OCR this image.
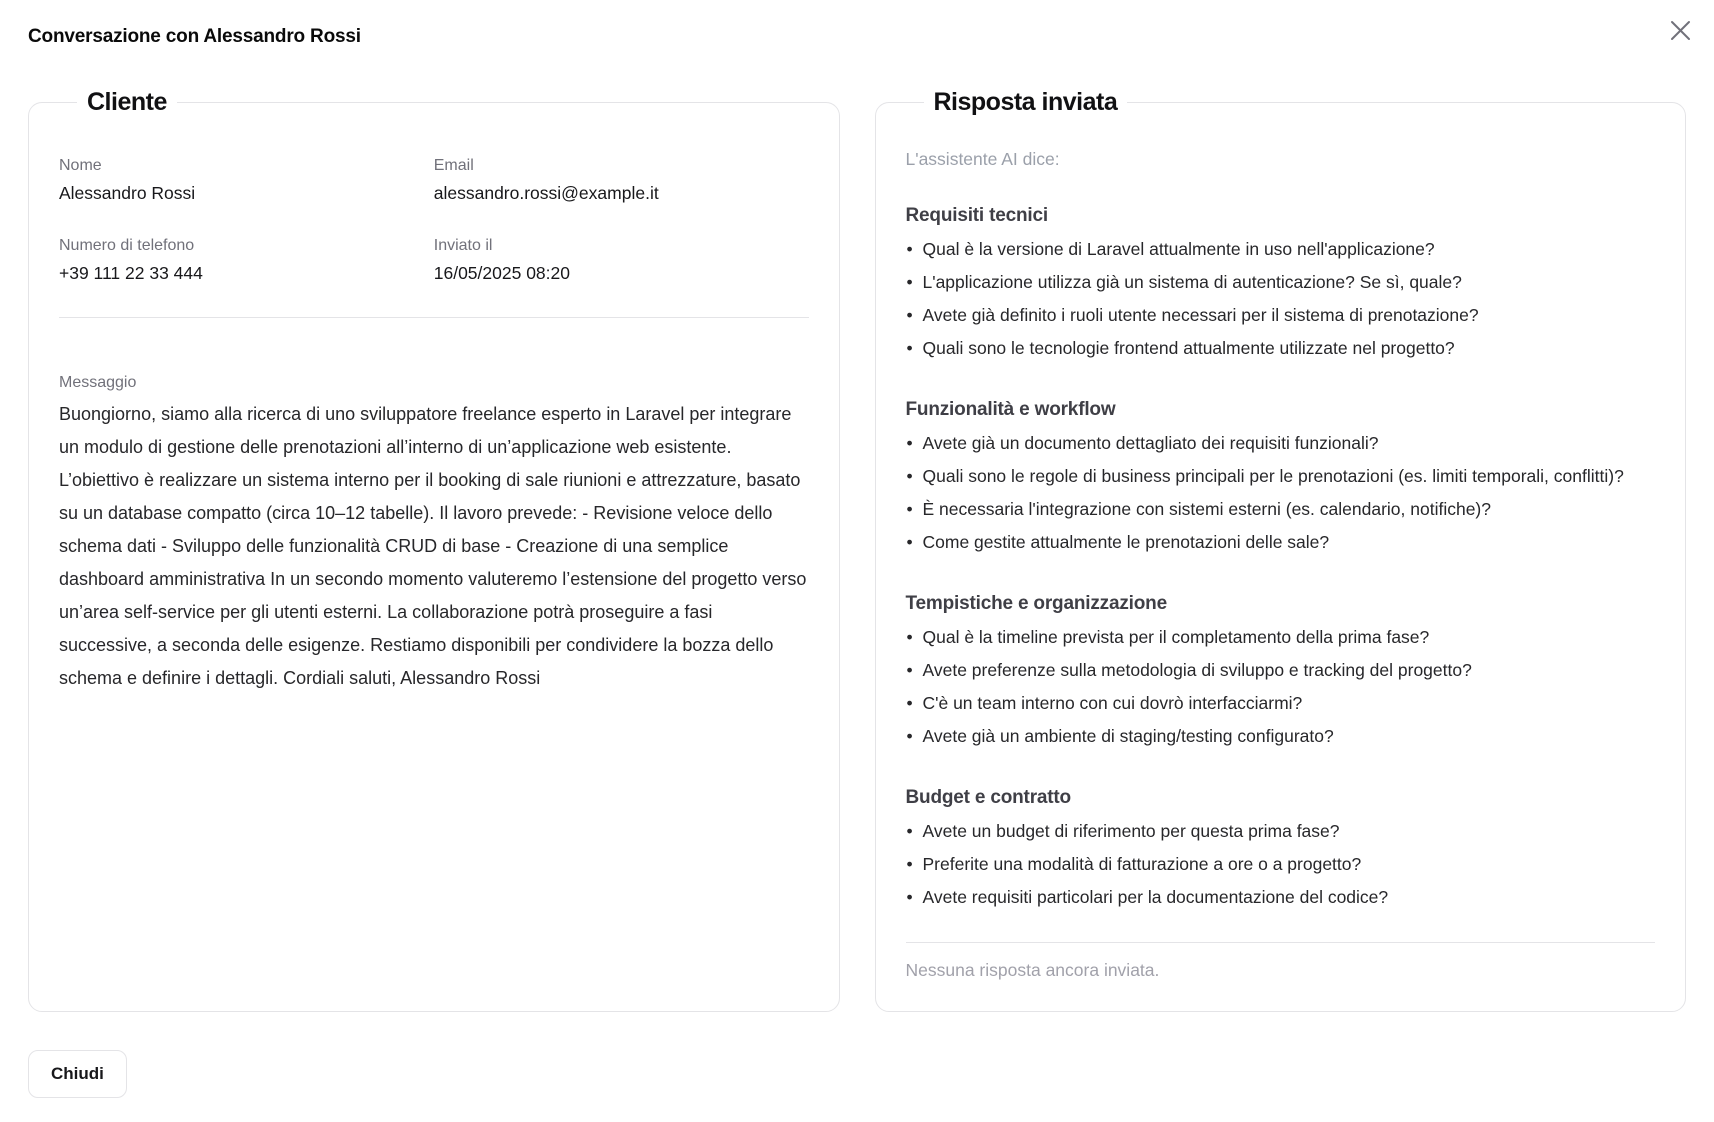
Conversazione con Alessandro Rossi
Cliente
Nome
Alessandro Rossi
Email
alessandro.rossi@example.it
Numero di telefono
+39 111 22 33 444
Inviato il
16/05/2025 08:20
Messaggio
Buongiorno, siamo alla ricerca di uno sviluppatore freelance esperto in Laravel per integrare un modulo di gestione delle prenotazioni all’interno di un’applicazione web esistente. L’obiettivo è realizzare un sistema interno per il booking di sale riunioni e attrezzature, basato su un database compatto (circa 10–12 tabelle). Il lavoro prevede: - Revisione veloce dello schema dati - Sviluppo delle funzionalità CRUD di base - Creazione di una semplice dashboard amministrativa In un secondo momento valuteremo l’estensione del progetto verso un’area self-service per gli utenti esterni. La collaborazione potrà proseguire a fasi successive, a seconda delle esigenze. Restiamo disponibili per condividere la bozza dello schema e definire i dettagli. Cordiali saluti, Alessandro Rossi
Risposta inviata
L'assistente AI dice:
Requisiti tecnici
• Qual è la versione di Laravel attualmente in uso nell'applicazione?
• L'applicazione utilizza già un sistema di autenticazione? Se sì, quale?
• Avete già definito i ruoli utente necessari per il sistema di prenotazione?
• Quali sono le tecnologie frontend attualmente utilizzate nel progetto?
Funzionalità e workflow
• Avete già un documento dettagliato dei requisiti funzionali?
• Quali sono le regole di business principali per le prenotazioni (es. limiti temporali, conflitti)?
• È necessaria l'integrazione con sistemi esterni (es. calendario, notifiche)?
• Come gestite attualmente le prenotazioni delle sale?
Tempistiche e organizzazione
• Qual è la timeline prevista per il completamento della prima fase?
• Avete preferenze sulla metodologia di sviluppo e tracking del progetto?
• C'è un team interno con cui dovrò interfacciarmi?
• Avete già un ambiente di staging/testing configurato?
Budget e contratto
• Avete un budget di riferimento per questa prima fase?
• Preferite una modalità di fatturazione a ore o a progetto?
• Avete requisiti particolari per la documentazione del codice?
Nessuna risposta ancora inviata.
Chiudi
